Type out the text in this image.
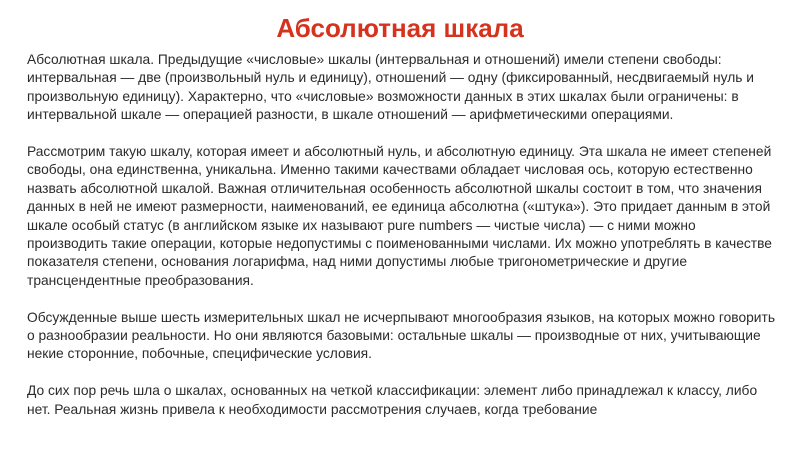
Абсолютная шкала

Абсолютная шкала. Предыдущие «числовые» шкалы (интервальная и отношений) имели степени свободы: интервальная — две (произвольный нуль и единицу), отношений — одну (фиксированный, несдвигаемый нуль и произвольную единицу). Характерно, что «числовые» возможности данных в этих шкалах были ограничены: в интервальной шкале — операцией разности, в шкале отношений — арифметическими операциями.

Рассмотрим такую шкалу, которая имеет и абсолютный нуль, и абсолютную единицу. Эта шкала не имеет степеней свободы, она единственна, уникальна. Именно такими качествами обладает числовая ось, которую естественно назвать абсолютной шкалой. Важная отличительная особенность абсолютной шкалы состоит в том, что значения данных в ней не имеют размерности, наименований, ее единица абсолютна («штука»). Это придает данным в этой шкале особый статус (в английском языке их называют pure numbers — чистые числа) — с ними можно производить такие операции, которые недопустимы с поименованными числами. Их можно употреблять в качестве показателя степени, основания логарифма, над ними допустимы любые тригонометрические и другие трансцендентные преобразования.

Обсужденные выше шесть измерительных шкал не исчерпывают многообразия языков, на которых можно говорить о разнообразии реальности. Но они являются базовыми: остальные шкалы — производные от них, учитывающие некие сторонние, побочные, специфические условия.

До сих пор речь шла о шкалах, основанных на четкой классификации: элемент либо принадлежал к классу, либо нет. Реальная жизнь привела к необходимости рассмотрения случаев, когда требование
